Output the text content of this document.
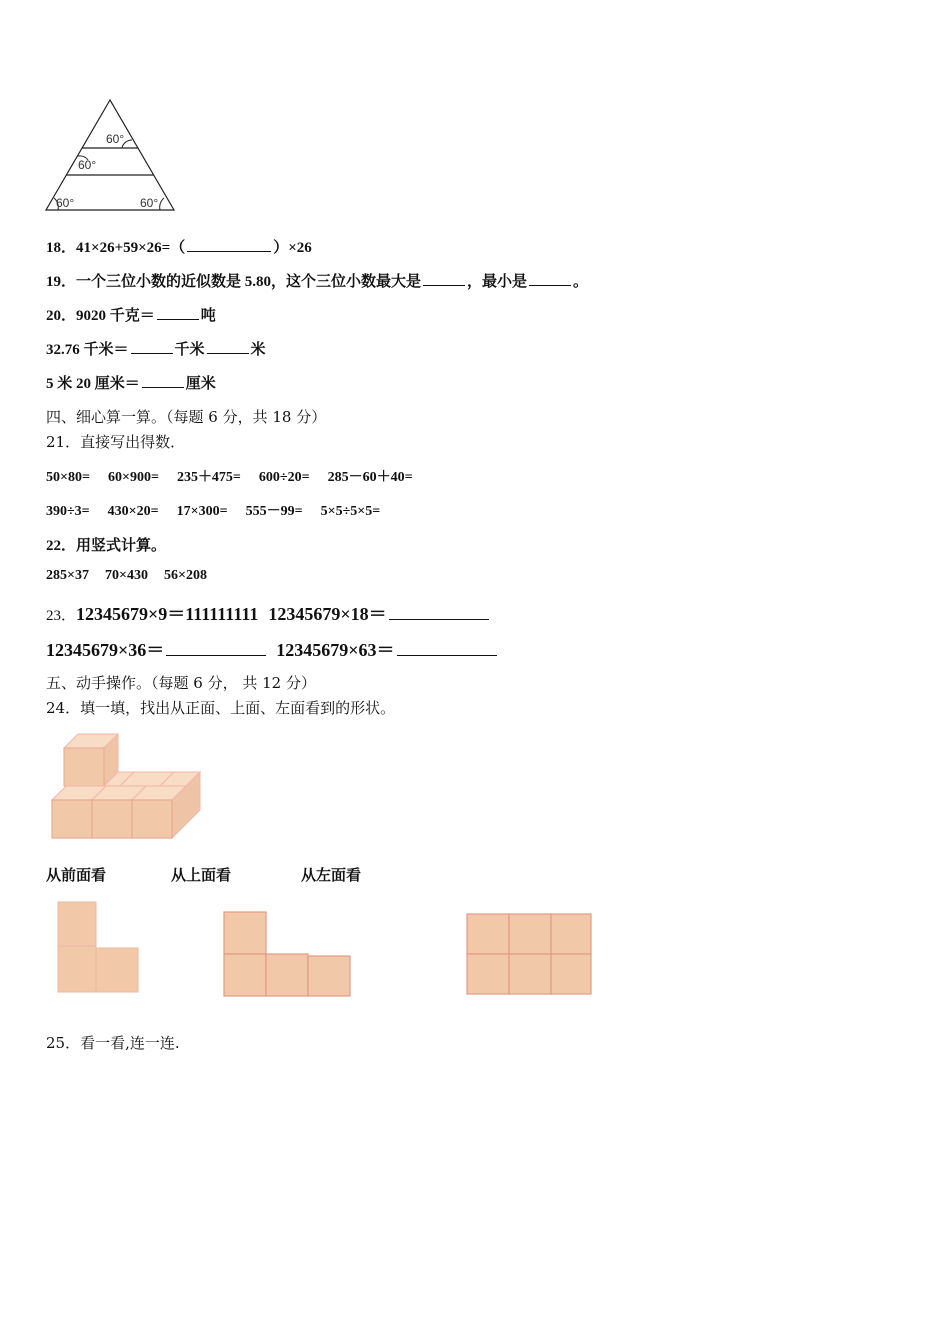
60°
60°
60°	60°
18．41×26+59×26=（	）×26
19．一个三位小数的近似数是 5.80，这个三位小数最大是	，最小是	。
20．9020 千克＝	吨
32.76 千米＝	千米	米
5 米 20 厘米＝	厘米
四、细心算一算。（每题 6 分，共 18 分）
21．直接写出得数．
50×80= 60×900= 235＋475= 600÷20= 285－60＋40=
390÷3= 430×20= 17×300= 555－99= 5×5÷5×5=
22．用竖式计算。
285×37 70×430 56×208
23．12345679×9＝111111111 12345679×18＝
12345679×36＝	12345679×63＝
五、动手操作。（每题 6 分， 共 12 分）
24．填一填，找出从正面、上面、左面看到的形状。
从前面看	从上面看	从左面看
25．看一看,连一连.
